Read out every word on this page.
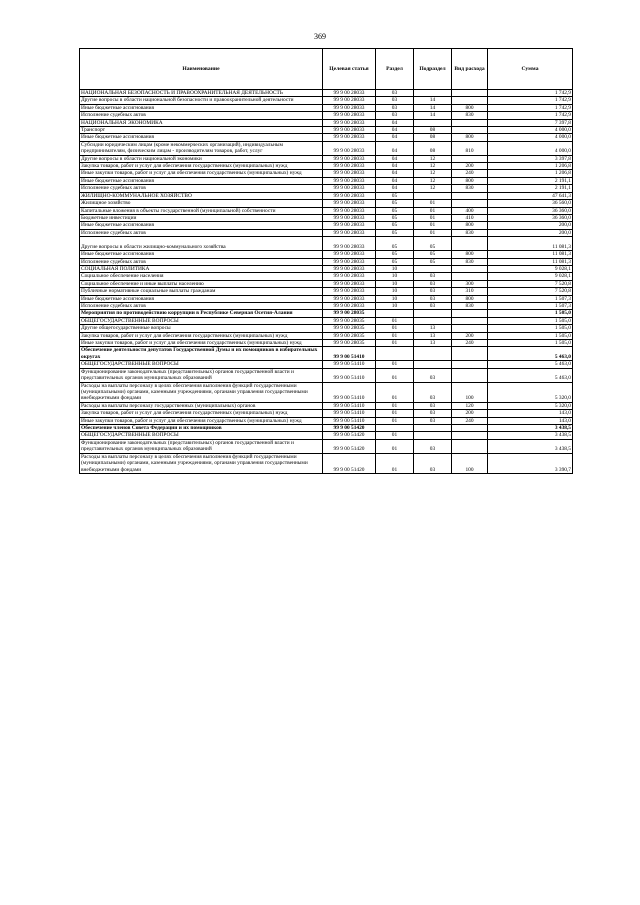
369
Наименование	Целевая статья	Раздел	Подраздел	Вид расхода	Сумма
НАЦИОНАЛЬНАЯ БЕЗОПАСНОСТЬ И ПРАВООХРАНИТЕЛЬНАЯ ДЕЯТЕЛЬНОСТЬ	99 9 00 28033	03			1 742,9
Другие вопросы в области национальной безопасности и правоохранительной деятельности	99 9 00 28033	03	14		1 742,9
Иные бюджетные ассигнования	99 9 00 28033	03	14	800	1 742,9
Исполнение судебных актов	99 9 00 28033	03	14	830	1 742,9
НАЦИОНАЛЬНАЯ ЭКОНОМИКА	99 9 00 28033	04			7 397,8
Транспорт	99 9 00 28033	04	08		4 000,0
Иные бюджетные ассигнования	99 9 00 28033	04	08	800	4 000,0
Субсидии юридическим лицам (кроме некоммерческих организаций), индивидуальным предпринимателям, физическим лицам - производителям товаров, работ, услуг	99 9 00 28033	04	08	810	4 000,0
Другие вопросы в области национальной экономики	99 9 00 28033	04	12		3 397,8
Закупка товаров, работ и услуг для обеспечения государственных (муниципальных) нужд	99 9 00 28033	04	12	200	1 206,8
Иные закупки товаров, работ и услуг для обеспечения государственных (муниципальных) нужд	99 9 00 28033	04	12	240	1 206,8
Иные бюджетные ассигнования	99 9 00 28033	04	12	800	2 191,1
Исполнение судебных актов	99 9 00 28033	04	12	830	2 191,1
ЖИЛИЩНО-КОММУНАЛЬНОЕ ХОЗЯЙСТВО	99 9 00 28033	05			47 641,3
Жилищное хозяйство	99 9 00 28033	05	01		36 560,0
Капитальные вложения в объекты государственной (муниципальной) собственности	99 9 00 28033	05	01	400	36 360,0
Бюджетные инвестиции	99 9 00 28033	05	01	410	36 360,0
Иные бюджетные ассигнования	99 9 00 28033	05	01	800	200,0
Исполнение судебных актов	99 9 00 28033	05	01	830	200,0
Другие вопросы в области жилищно-коммунального хозяйства	99 9 00 28033	05	05		11 081,3
Иные бюджетные ассигнования	99 9 00 28033	05	05	800	11 081,3
Исполнение судебных актов	99 9 00 28033	05	05	830	11 081,3
СОЦИАЛЬНАЯ ПОЛИТИКА	99 9 00 28033	10			9 028,1
Социальное обеспечение населения	99 9 00 28033	10	03		9 028,1
Социальное обеспечение и иные выплаты населению	99 9 00 28033	10	03	300	7 520,8
Публичные нормативные социальные выплаты гражданам	99 9 00 28033	10	03	310	7 520,8
Иные бюджетные ассигнования	99 9 00 28033	10	03	800	1 507,3
Исполнение судебных актов	99 9 00 28033	10	03	830	1 507,3
Мероприятия по противодействию коррупции в Республике Северная Осетия-Алания	99 9 00 28035				1 505,0
ОБЩЕГОСУДАРСТВЕННЫЕ ВОПРОСЫ	99 9 00 28035	01			1 505,0
Другие общегосударственные вопросы	99 9 00 28035	01	13		1 505,0
Закупка товаров, работ и услуг для обеспечения государственных (муниципальных) нужд	99 9 00 28035	01	13	200	1 505,0
Иные закупки товаров, работ и услуг для обеспечения государственных (муниципальных) нужд	99 9 00 28035	01	13	240	1 505,0
Обеспечение деятельности депутатов Государственной Думы и их помощников в избирательных округах	99 9 00 51410				5 463,0
ОБЩЕГОСУДАРСТВЕННЫЕ ВОПРОСЫ	99 9 00 51410	01			5 463,0
Функционирование законодательных (представительных) органов государственной власти и представительных органов муниципальных образований	99 9 00 51410	01	03		5 463,0
Расходы на выплаты персоналу в целях обеспечения выполнения функций государственными (муниципальными) органами, казенными учреждениями, органами управления государственными внебюджетными фондами	99 9 00 51410	01	03	100	5 320,0
Расходы на выплаты персоналу государственных (муниципальных) органов	99 9 00 51410	01	03	120	5 320,0
Закупка товаров, работ и услуг для обеспечения государственных (муниципальных) нужд	99 9 00 51410	01	03	200	143,0
Иные закупки товаров, работ и услуг для обеспечения государственных (муниципальных) нужд	99 9 00 51410	01	03	240	143,0
Обеспечение членов Совета Федерации и их помощников	99 9 00 51420				3 438,5
ОБЩЕГОСУДАРСТВЕННЫЕ ВОПРОСЫ	99 9 00 51420	01			3 438,5
Функционирование законодательных (представительных) органов государственной власти и представительных органов муниципальных образований	99 9 00 51420	01	03		3 438,5
Расходы на выплаты персоналу в целях обеспечения выполнения функций государственными (муниципальными) органами, казенными учреждениями, органами управления государственными внебюджетными фондами	99 9 00 51420	01	03	100	3 390,7
